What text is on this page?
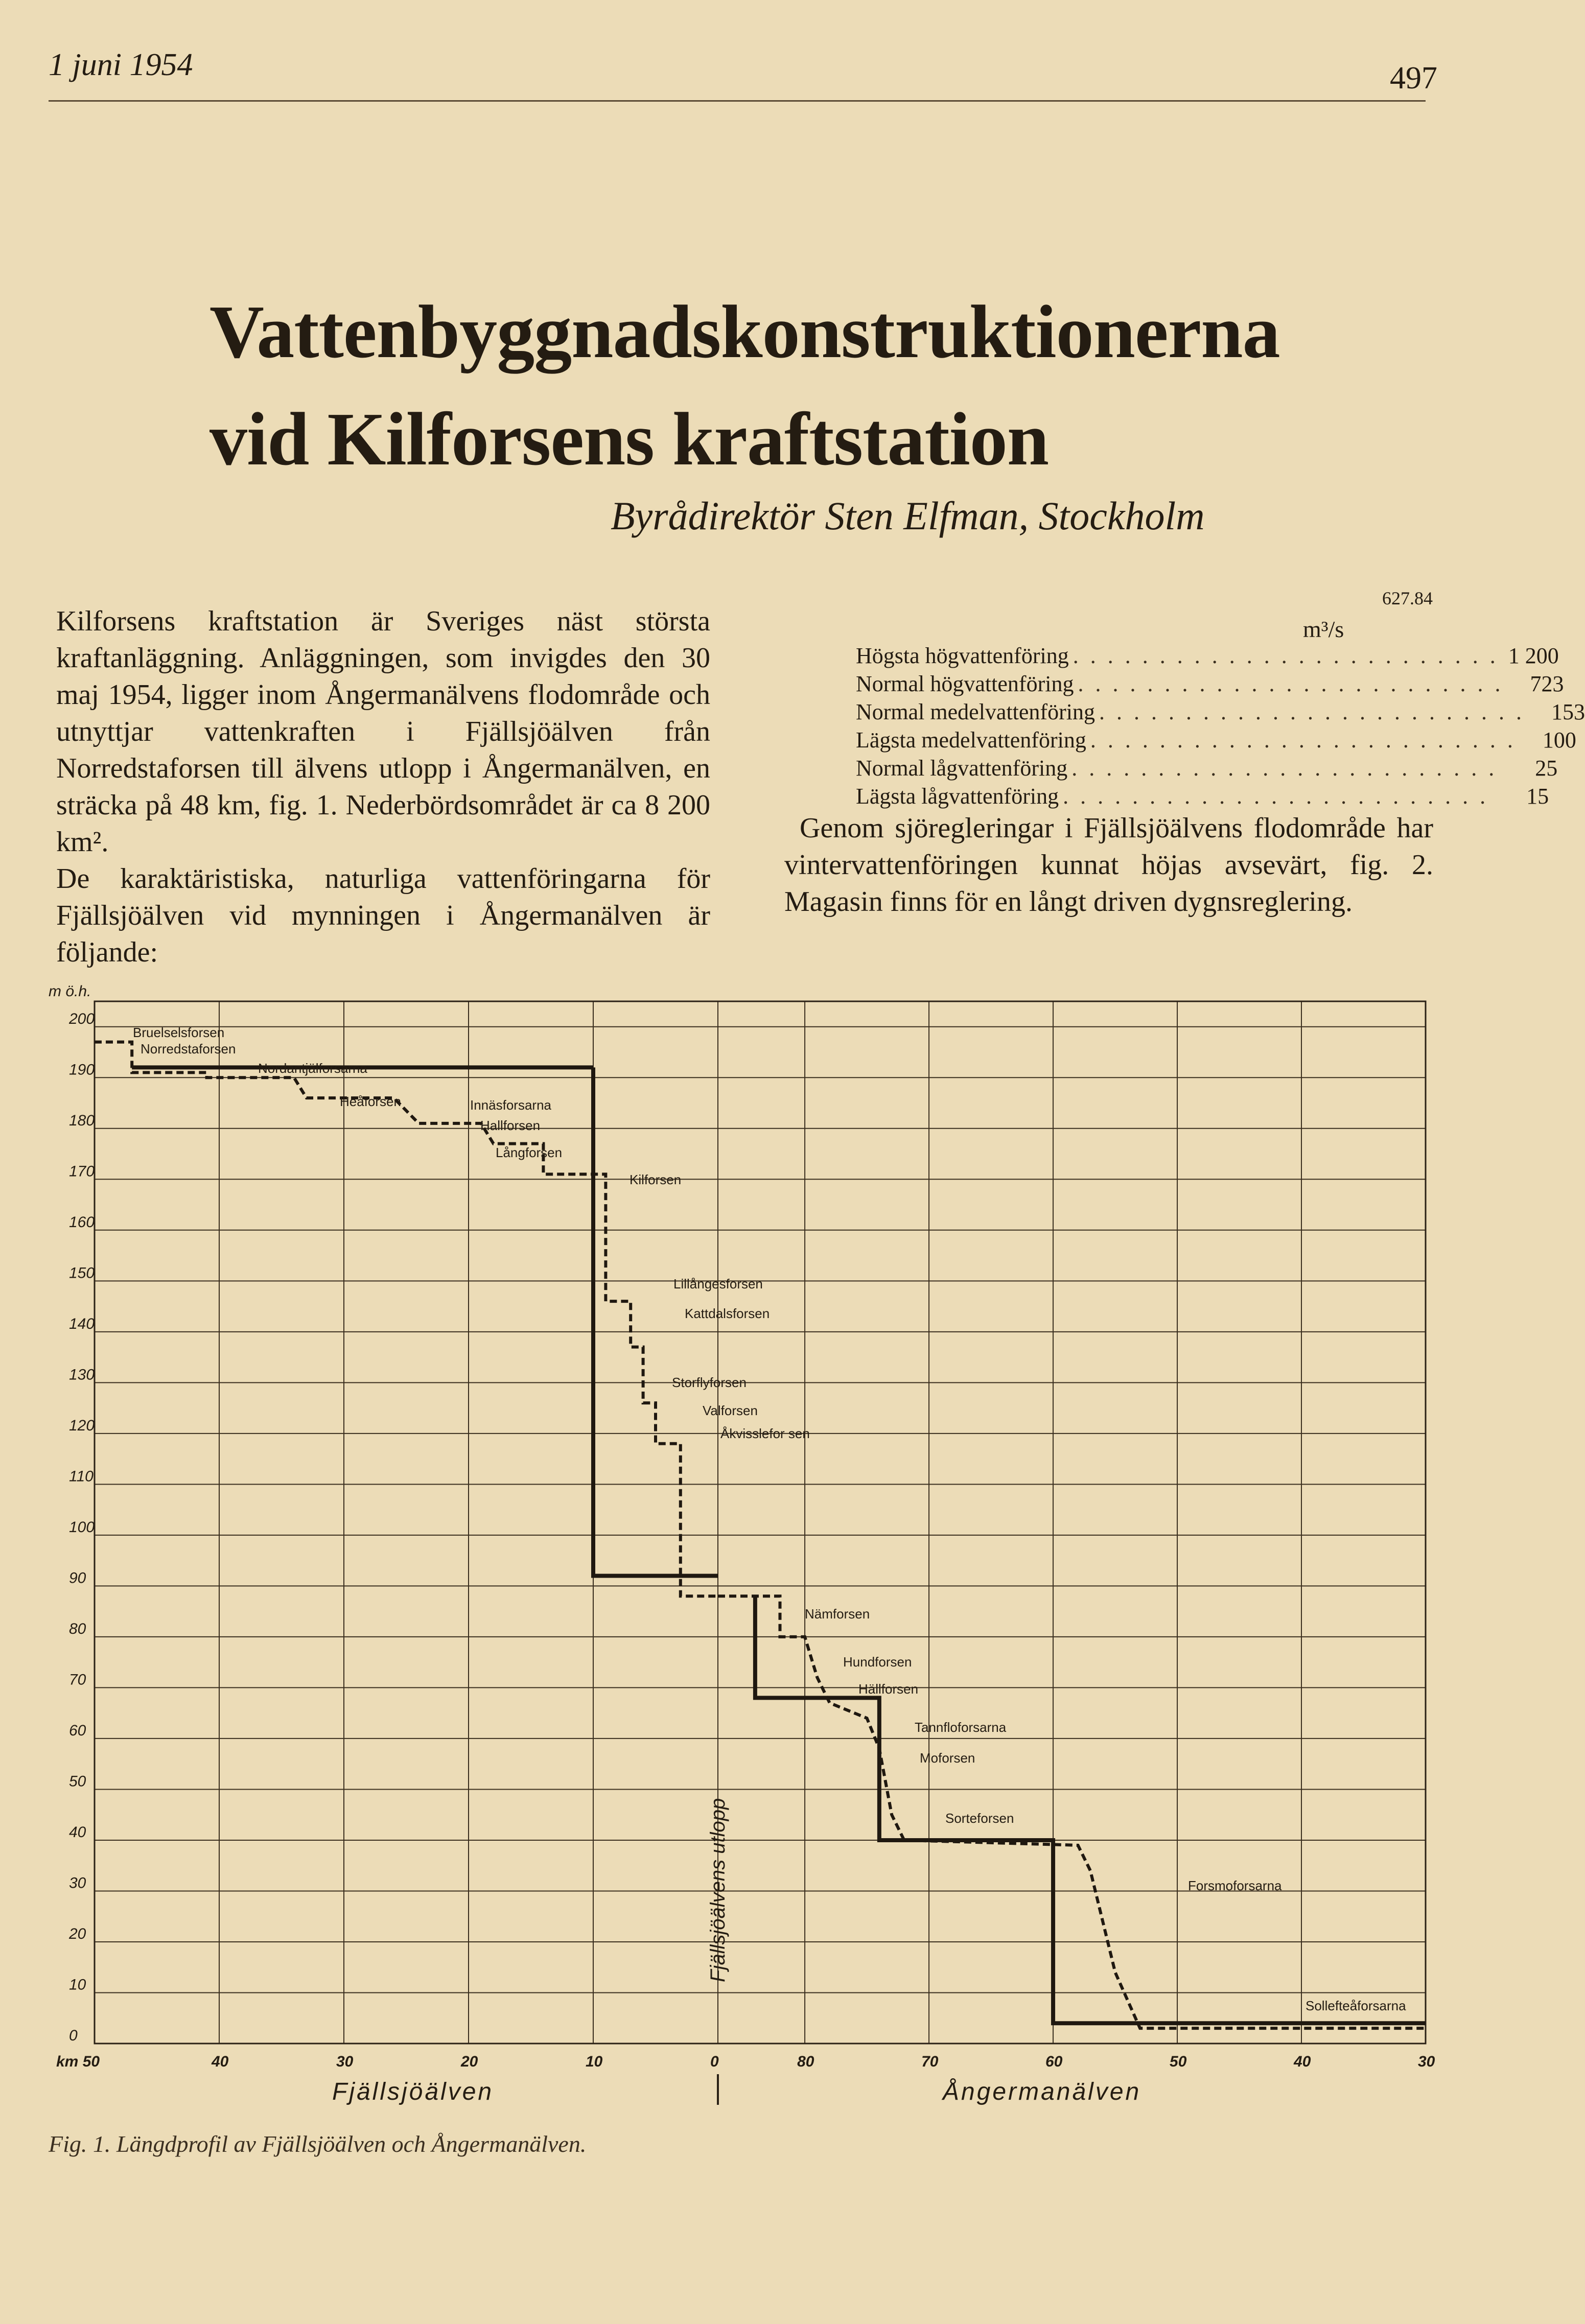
1 juni 1954	497
Vattenbyggnadskonstruktionerna
vid Kilforsens kraftstation
Byrådirektör Sten Elfman, Stockholm

Kilforsens kraftstation är Sveriges näst största kraftanläggning. Anläggningen, som invigdes den 30 maj 1954, ligger inom Ångermanälvens flodområde och utnyttjar vattenkraften i Fjällsjöälven från Norredstaforsen till älvens utlopp i Ångermanälven, en sträcka på 48 km, fig. 1. Nederbördsområdet är ca 8 200 km².

De karaktäristiska, naturliga vattenföringarna för Fjällsjöälven vid mynningen i Ångermanälven är följande:

627.84
m³/s
Högsta högvattenföring . . . . . . . . . . . . . . . . . . . . . . . . . 1 200
Normal högvattenföring . . . . . . . . . . . . . . . . . . . . . . . . .	723
Normal medelvattenföring . . . . . . . . . . . . . . . . . . . . . . . . .	153
Lägsta medelvattenföring . . . . . . . . . . . . . . . . . . . . . . . . .	100
Normal lågvattenföring . . . . . . . . . . . . . . . . . . . . . . . . .	25
Lägsta lågvattenföring . . . . . . . . . . . . . . . . . . . . . . . . .	15

Genom sjöregleringar i Fjällsjöälvens flodområde har vintervattenföringen kunnat höjas avsevärt, fig. 2. Magasin finns för en långt driven dygnsreglering.

200
190
180
170
160
150
140
130
120
110
100
90
80
70
60
50
40
30
20
10
0
m ö.h.
km 50	40	30	20	10	0	80	70	60	50	40	30
Fjällsjöälven	Ångermanälven
Fjällsjöälvens utlopp
Bruelselsforsen
Norredstaforsen
Nordantjälforsarna
Heåforsen	Innäsforsarna
Hallforsen
Långforsen
Kilforsen
Lillångesforsen
Kattdalsforsen
Storflyforsen
Valforsen
Åkvisslefor sen
Nämforsen
Hundforsen
Hällforsen
Tannfloforsarna
Moforsen
Sorteforsen
Forsmoforsarna
Sollefteåforsarna
Fig. 1. Längdprofil av Fjällsjöälven och Ångermanälven.
